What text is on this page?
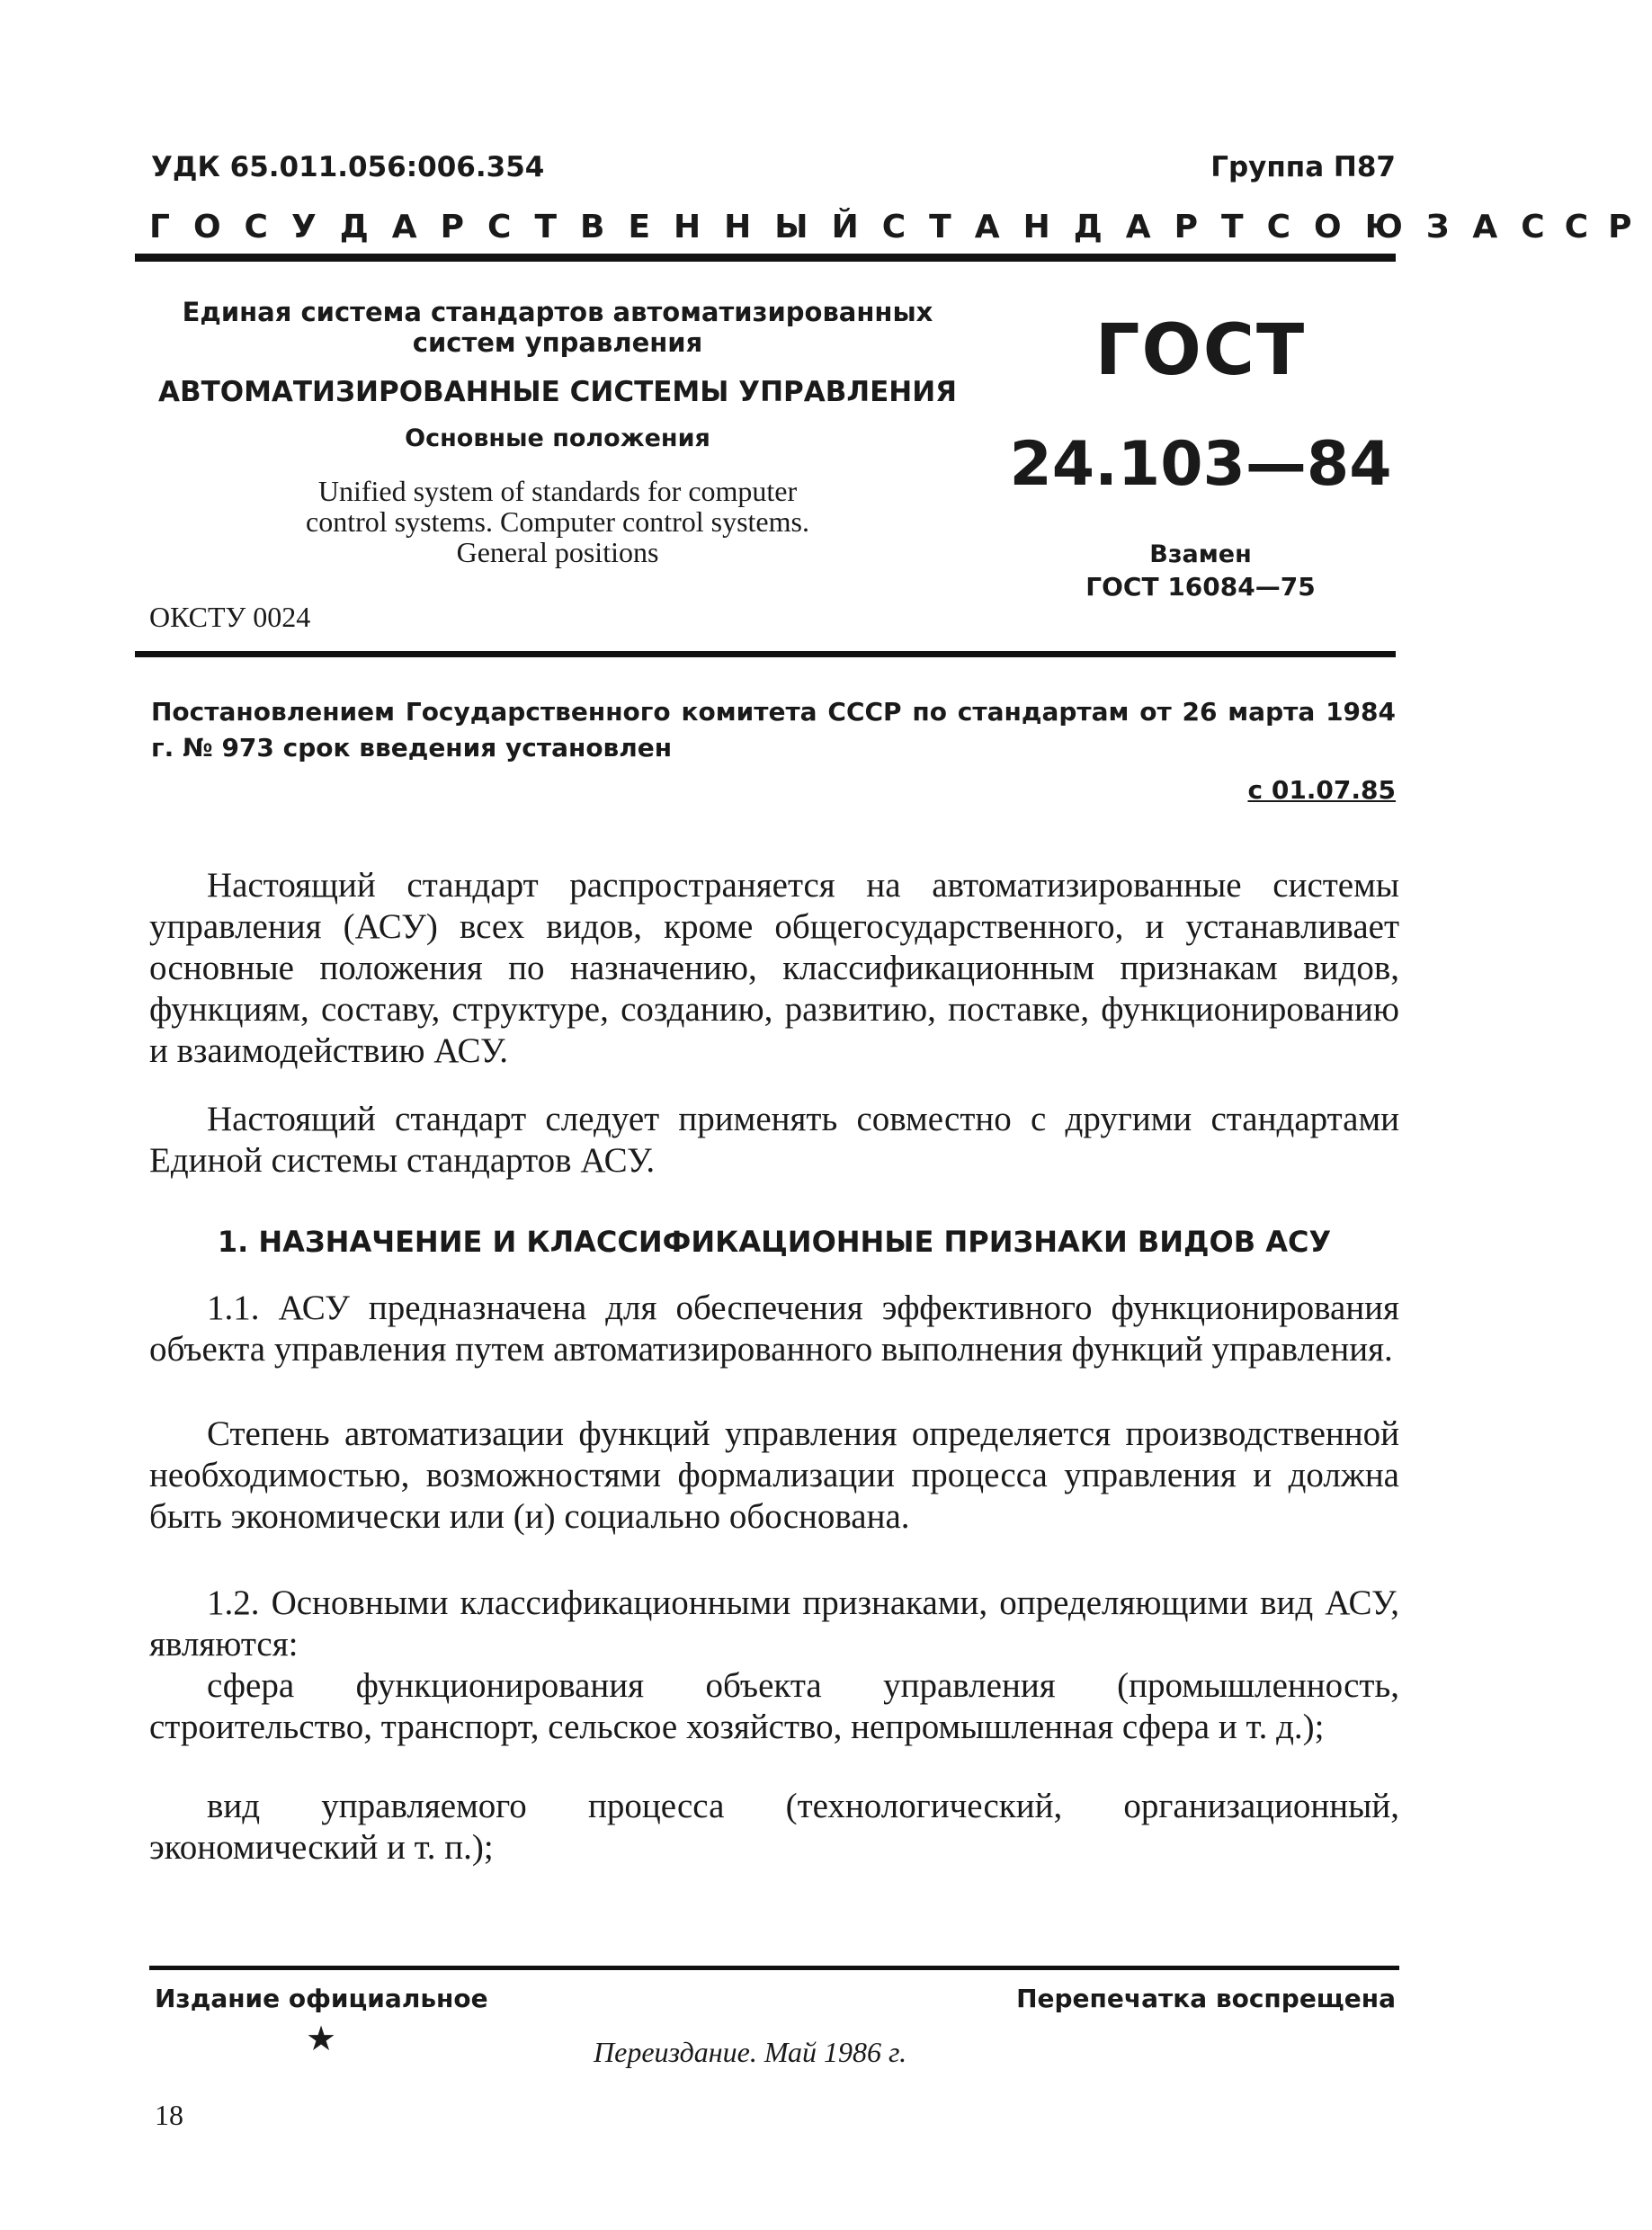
УДК 65.011.056:006.354	Группа П87
ГОСУДАРСТВЕННЫЙ СТАНДАРТ СОЮЗА ССР
Единая система стандартов автоматизированных
систем управления
АВТОМАТИЗИРОВАННЫЕ СИСТЕМЫ УПРАВЛЕНИЯ
Основные положения
Unified system of standards for computer
control systems. Computer control systems.
General positions
ОКСТУ 0024
ГОСТ
24.103—84
Взамен
ГОСТ 16084—75
Постановлением Государственного комитета СССР по стандартам от 26 марта 1984 г. № 973 срок введения установлен
с 01.07.85
Настоящий стандарт распространяется на автоматизированные системы управления (АСУ) всех видов, кроме общегосударственного, и устанавливает основные положения по назначению, классификационным признакам видов, функциям, составу, структуре, созданию, развитию, поставке, функционированию и взаимодействию АСУ.
Настоящий стандарт следует применять совместно с другими стандартами Единой системы стандартов АСУ.
1. НАЗНАЧЕНИЕ И КЛАССИФИКАЦИОННЫЕ ПРИЗНАКИ ВИДОВ АСУ
1.1. АСУ предназначена для обеспечения эффективного функционирования объекта управления путем автоматизированного выполнения функций управления.
Степень автоматизации функций управления определяется производственной необходимостью, возможностями формализации процесса управления и должна быть экономически или (и) социально обоснована.
1.2. Основными классификационными признаками, определяющими вид АСУ, являются:
сфера функционирования объекта управления (промышленность, строительство, транспорт, сельское хозяйство, непромышленная сфера и т. д.);
вид управляемого процесса (технологический, организационный, экономический и т. п.);
Издание официальное
★
Перепечатка воспрещена
Переиздание. Май 1986 г.
18
